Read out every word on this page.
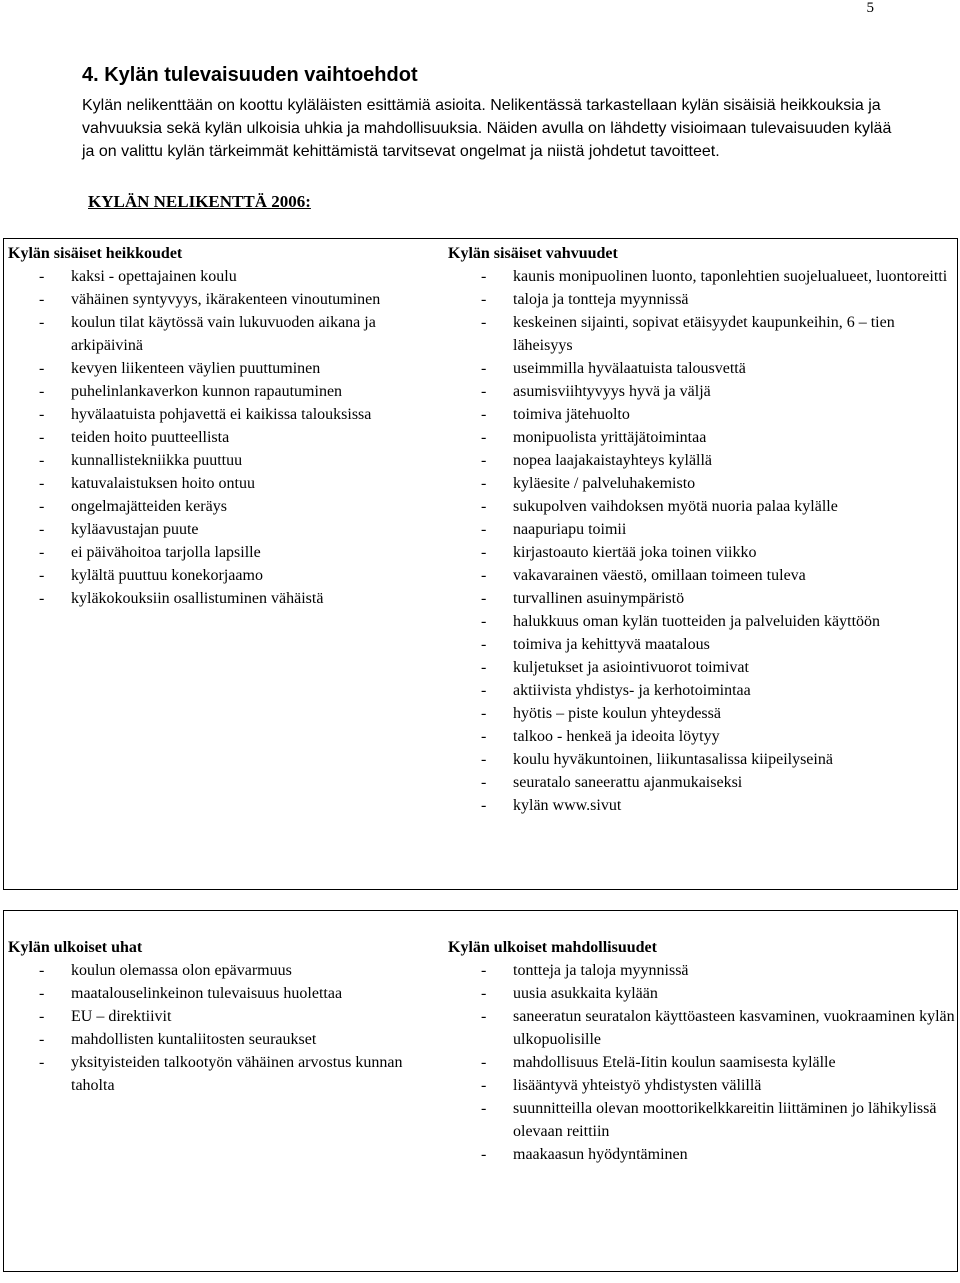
5
4. Kylän tulevaisuuden vaihtoehdot
Kylän nelikenttään on koottu kyläläisten esittämiä asioita. Nelikentässä tarkastellaan kylän sisäisiä heikkouksia ja vahvuuksia sekä kylän ulkoisia uhkia ja mahdollisuuksia. Näiden avulla on lähdetty visioimaan tulevaisuuden kylää ja on valittu kylän tärkeimmät kehittämistä tarvitsevat ongelmat ja niistä johdetut tavoitteet.
KYLÄN NELIKENTTÄ 2006:
Kylän sisäiset heikkoudet
- kaksi - opettajainen koulu
- vähäinen syntyvyys, ikärakenteen vinoutuminen
- koulun tilat käytössä vain lukuvuoden aikana ja arkipäivinä
- kevyen liikenteen väylien puuttuminen
- puhelinlankaverkon kunnon rapautuminen
- hyvälaatuista pohjavettä ei kaikissa talouksissa
- teiden hoito puutteellista
- kunnallistekniikka puuttuu
- katuvalaistuksen hoito ontuu
- ongelmajätteiden keräys
- kyläavustajan puute
- ei päivähoitoa tarjolla lapsille
- kylältä puuttuu konekorjaamo
- kyläkokouksiin osallistuminen vähäistä
Kylän sisäiset vahvuudet
- kaunis monipuolinen luonto, taponlehtien suojelualueet, luontoreitti
- taloja ja tontteja myynnissä
- keskeinen sijainti, sopivat etäisyydet kaupunkeihin, 6 – tien läheisyys
- useimmilla hyvälaatuista talousvettä
- asumisviihtyvyys hyvä ja väljä
- toimiva jätehuolto
- monipuolista yrittäjätoimintaa
- nopea laajakaistayhteys kylällä
- kyläesite / palveluhakemisto
- sukupolven vaihdoksen myötä nuoria palaa kylälle
- naapuriapu toimii
- kirjastoauto kiertää joka toinen viikko
- vakavarainen väestö, omillaan toimeen tuleva
- turvallinen asuinympäristö
- halukkuus oman kylän tuotteiden ja palveluiden käyttöön
- toimiva ja kehittyvä maatalous
- kuljetukset ja asiointivuorot toimivat
- aktiivista yhdistys- ja kerhotoimintaa
- hyötis – piste koulun yhteydessä
- talkoo - henkeä ja ideoita löytyy
- koulu hyväkuntoinen, liikuntasalissa kiipeilyseinä
- seuratalo saneerattu ajanmukaiseksi
- kylän www.sivut
Kylän ulkoiset uhat
- koulun olemassa olon epävarmuus
- maatalouselinkeinon tulevaisuus huolettaa
- EU – direktiivit
- mahdollisten kuntaliitosten seuraukset
- yksityisteiden talkootyön vähäinen arvostus kunnan taholta
Kylän ulkoiset mahdollisuudet
- tontteja ja taloja myynnissä
- uusia asukkaita kylään
- saneeratun seuratalon käyttöasteen kasvaminen, vuokraaminen kylän ulkopuolisille
- mahdollisuus Etelä-Iitin koulun saamisesta kylälle
- lisääntyvä yhteistyö yhdistysten välillä
- suunnitteilla olevan moottorikelkkareitin liittäminen jo lähikylissä olevaan reittiin
- maakaasun hyödyntäminen
